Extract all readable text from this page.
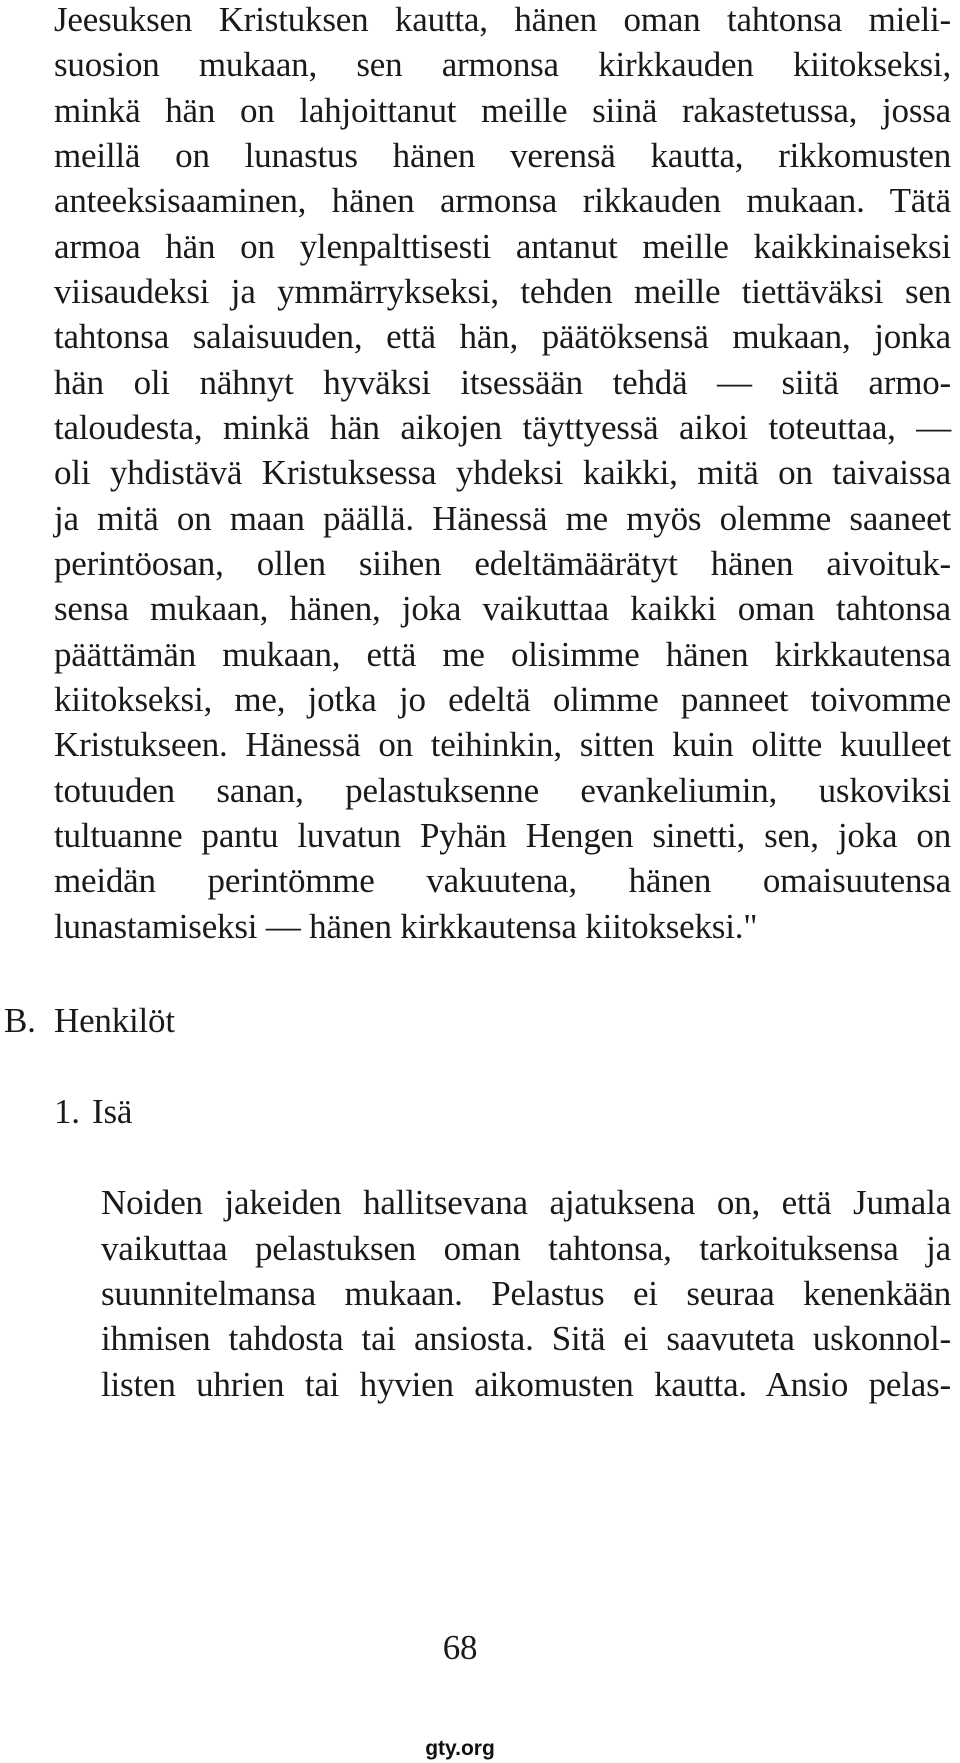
Jeesuksen Kristuksen kautta, hänen oman tahtonsa mieli-
suosion mukaan, sen armonsa kirkkauden kiitokseksi,
minkä hän on lahjoittanut meille siinä rakastetussa, jossa
meillä on lunastus hänen verensä kautta, rikkomusten
anteeksisaaminen, hänen armonsa rikkauden mukaan. Tätä
armoa hän on ylenpalttisesti antanut meille kaikkinaiseksi
viisaudeksi ja ymmärrykseksi, tehden meille tiettäväksi sen
tahtonsa salaisuuden, että hän, päätöksensä mukaan, jonka
hän oli nähnyt hyväksi itsessään tehdä — siitä armo-
taloudesta, minkä hän aikojen täyttyessä aikoi toteuttaa, —
oli yhdistävä Kristuksessa yhdeksi kaikki, mitä on taivaissa
ja mitä on maan päällä. Hänessä me myös olemme saaneet
perintöosan, ollen siihen edeltämäärätyt hänen aivoituk-
sensa mukaan, hänen, joka vaikuttaa kaikki oman tahtonsa
päättämän mukaan, että me olisimme hänen kirkkautensa
kiitokseksi, me, jotka jo edeltä olimme panneet toivomme
Kristukseen. Hänessä on teihinkin, sitten kuin olitte kuulleet
totuuden sanan, pelastuksenne evankeliumin, uskoviksi
tultuanne pantu luvatun Pyhän Hengen sinetti, sen, joka on
meidän perintömme vakuutena, hänen omaisuutensa
lunastamiseksi — hänen kirkkautensa kiitokseksi."
B. Henkilöt
1. Isä
Noiden jakeiden hallitsevana ajatuksena on, että Jumala
vaikuttaa pelastuksen oman tahtonsa, tarkoituksensa ja
suunnitelmansa mukaan. Pelastus ei seuraa kenenkään
ihmisen tahdosta tai ansiosta. Sitä ei saavuteta uskonnol-
listen uhrien tai hyvien aikomusten kautta. Ansio pelas-
68
gty.org
